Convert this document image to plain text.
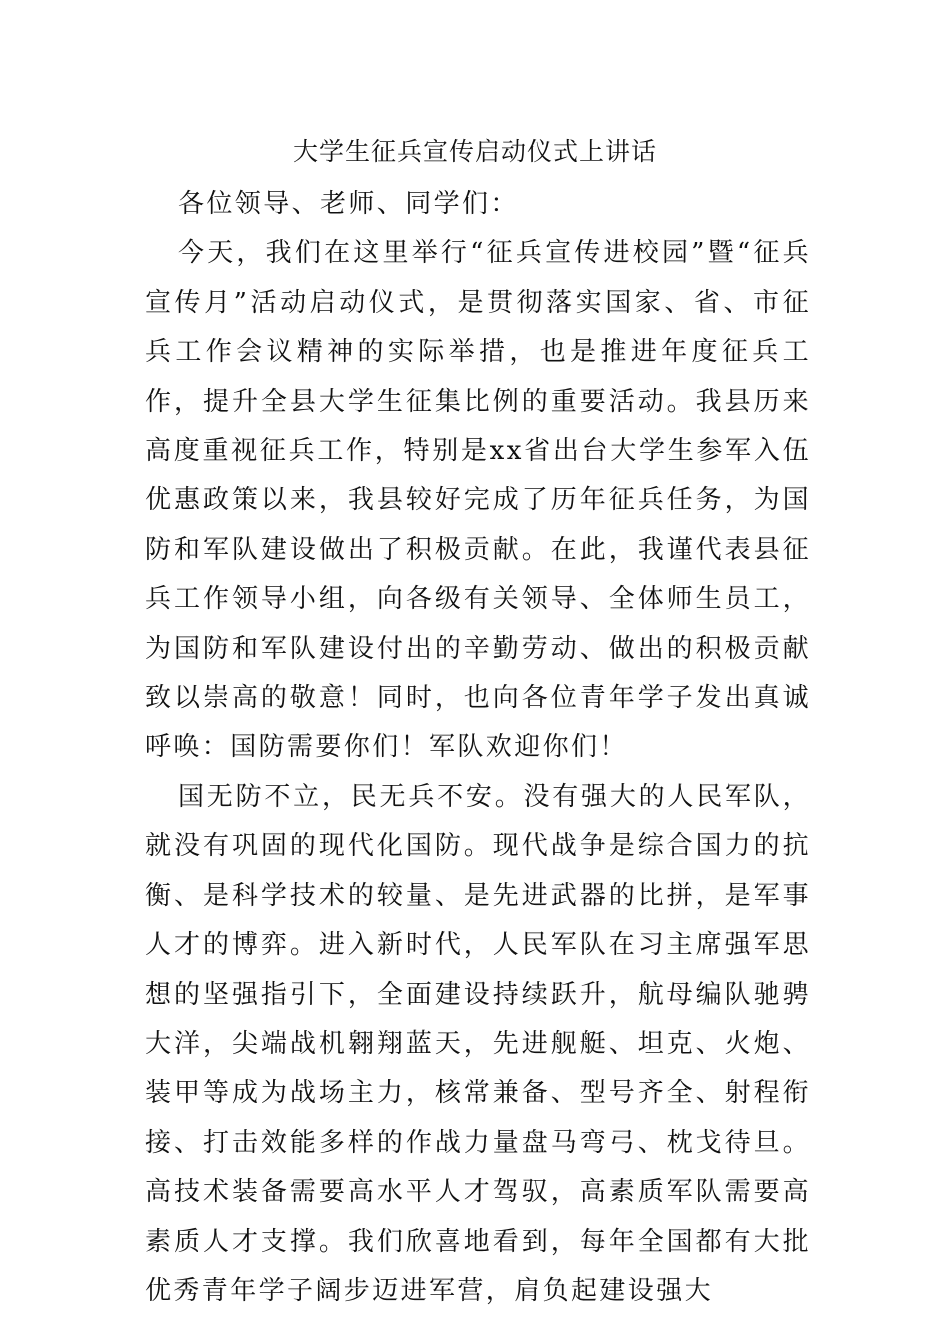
大学生征兵宣传启动仪式上讲话

各位领导、老师、同学们：

今天，我们在这里举行“征兵宣传进校园”暨“征兵宣传月”活动启动仪式，是贯彻落实国家、省、市征兵工作会议精神的实际举措，也是推进年度征兵工作，提升全县大学生征集比例的重要活动。我县历来高度重视征兵工作，特别是xx省出台大学生参军入伍优惠政策以来，我县较好完成了历年征兵任务，为国防和军队建设做出了积极贡献。在此，我谨代表县征兵工作领导小组，向各级有关领导、全体师生员工，为国防和军队建设付出的辛勤劳动、做出的积极贡献致以崇高的敬意！同时，也向各位青年学子发出真诚呼唤：国防需要你们！军队欢迎你们！

国无防不立，民无兵不安。没有强大的人民军队，就没有巩固的现代化国防。现代战争是综合国力的抗衡、是科学技术的较量、是先进武器的比拼，是军事人才的博弈。进入新时代，人民军队在习主席强军思想的坚强指引下，全面建设持续跃升，航母编队驰骋大洋，尖端战机翱翔蓝天，先进舰艇、坦克、火炮、装甲等成为战场主力，核常兼备、型号齐全、射程衔接、打击效能多样的作战力量盘马弯弓、枕戈待旦。高技术装备需要高水平人才驾驭，高素质军队需要高素质人才支撑。我们欣喜地看到，每年全国都有大批优秀青年学子阔步迈进军营，肩负起建设强大
